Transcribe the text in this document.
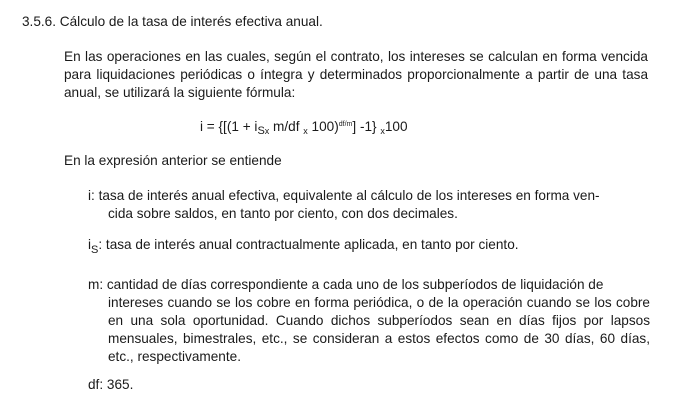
3.5.6. Cálculo de la tasa de interés efectiva anual.
En las operaciones en las cuales, según el contrato, los intereses se calculan en forma vencida para liquidaciones periódicas o íntegra y determinados proporcionalmente a partir de una tasa anual, se utilizará la siguiente fórmula:
$i = \{[(1 + i_{Sx}$ m/df $_x$ 100)$^{df/m}$] -1} $_x$100
En la expresión anterior se entiende
i: tasa de interés anual efectiva, equivalente al cálculo de los intereses en forma ven-
cida sobre saldos, en tanto por ciento, con dos decimales.
$i_S$: tasa de interés anual contractualmente aplicada, en tanto por ciento.
m: cantidad de días correspondiente a cada uno de los subperíodos de liquidación de
intereses cuando se los cobre en forma periódica, o de la operación cuando se los cobre en una sola oportunidad. Cuando dichos subperíodos sean en días fijos por lapsos mensuales, bimestrales, etc., se consideran a estos efectos como de 30 días, 60 días, etc., respectivamente.
df: 365.
